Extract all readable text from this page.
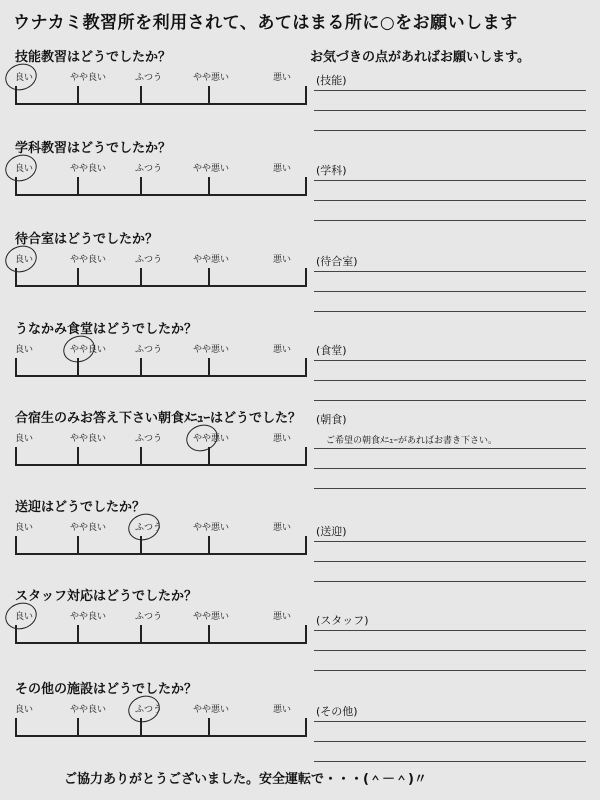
ウナカミ教習所を利用されて、あてはまる所に○をお願いします
お気づきの点があればお願いします。
技能教習はどうでしたか？
良い	やや良い	ふつう	やや悪い	悪い
学科教習はどうでしたか？
良い	やや良い	ふつう	やや悪い	悪い
待合室はどうでしたか？
良い	やや良い	ふつう	やや悪い	悪い
うなかみ食堂はどうでしたか？
良い	やや良い	ふつう	やや悪い	悪い
合宿生のみお答え下さい朝食ﾒﾆｭｰはどうでした？
良い	やや良い	ふつう	やや悪い	悪い
送迎はどうでしたか？
良い	やや良い	ふつう	やや悪い	悪い
スタッフ対応はどうでしたか？
良い	やや良い	ふつう	やや悪い	悪い
その他の施設はどうでしたか？
良い	やや良い	ふつう	やや悪い	悪い
(技能)
(学科)
(待合室)
(食堂)
(朝食)
ご希望の朝食ﾒﾆｭｰがあればお書き下さい。
(送迎)
(スタッフ)
(その他)
ご協力ありがとうございました。安全運転で・・・(＾－＾)〃
